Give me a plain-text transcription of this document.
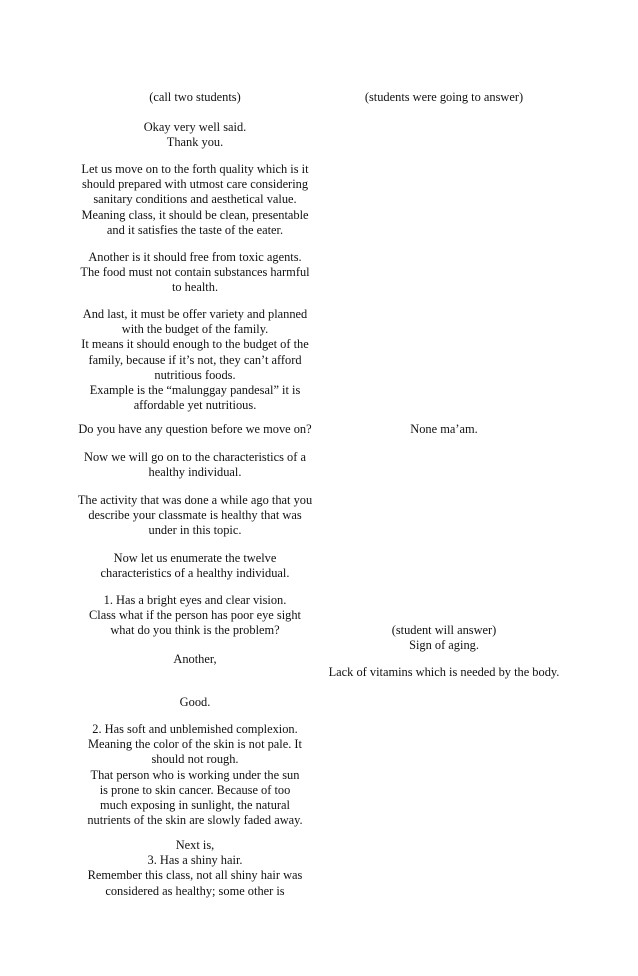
(call two students)

Okay very well said.
Thank you.

Let us move on to the forth quality which is it
should prepared with utmost care considering
sanitary conditions and aesthetical value.
Meaning class, it should be clean, presentable
and it satisfies the taste of the eater.

Another is it should free from toxic agents.
The food must not contain substances harmful
to health.

And last, it must be offer variety and planned
with the budget of the family.
It means it should enough to the budget of the
family, because if it’s not, they can’t afford
nutritious foods.
Example is the “malunggay pandesal” it is
affordable yet nutritious.

Do you have any question before we move on?

Now we will go on to the characteristics of a
healthy individual.

The activity that was done a while ago that you
describe your classmate is healthy that was
under in this topic.

Now let us enumerate the twelve
characteristics of a healthy individual.

1. Has a bright eyes and clear vision.
Class what if the person has poor eye sight
what do you think is the problem?

Another,

Good.

2. Has soft and unblemished complexion.
Meaning the color of the skin is not pale. It
should not rough.
That person who is working under the sun
is prone to skin cancer. Because of too
much exposing in sunlight, the natural
nutrients of the skin are slowly faded away.

Next is,
3. Has a shiny hair.
Remember this class, not all shiny hair was
considered as healthy; some other is

(students were going to answer)

None ma’am.

(student will answer)
Sign of aging.

Lack of vitamins which is needed by the body.
